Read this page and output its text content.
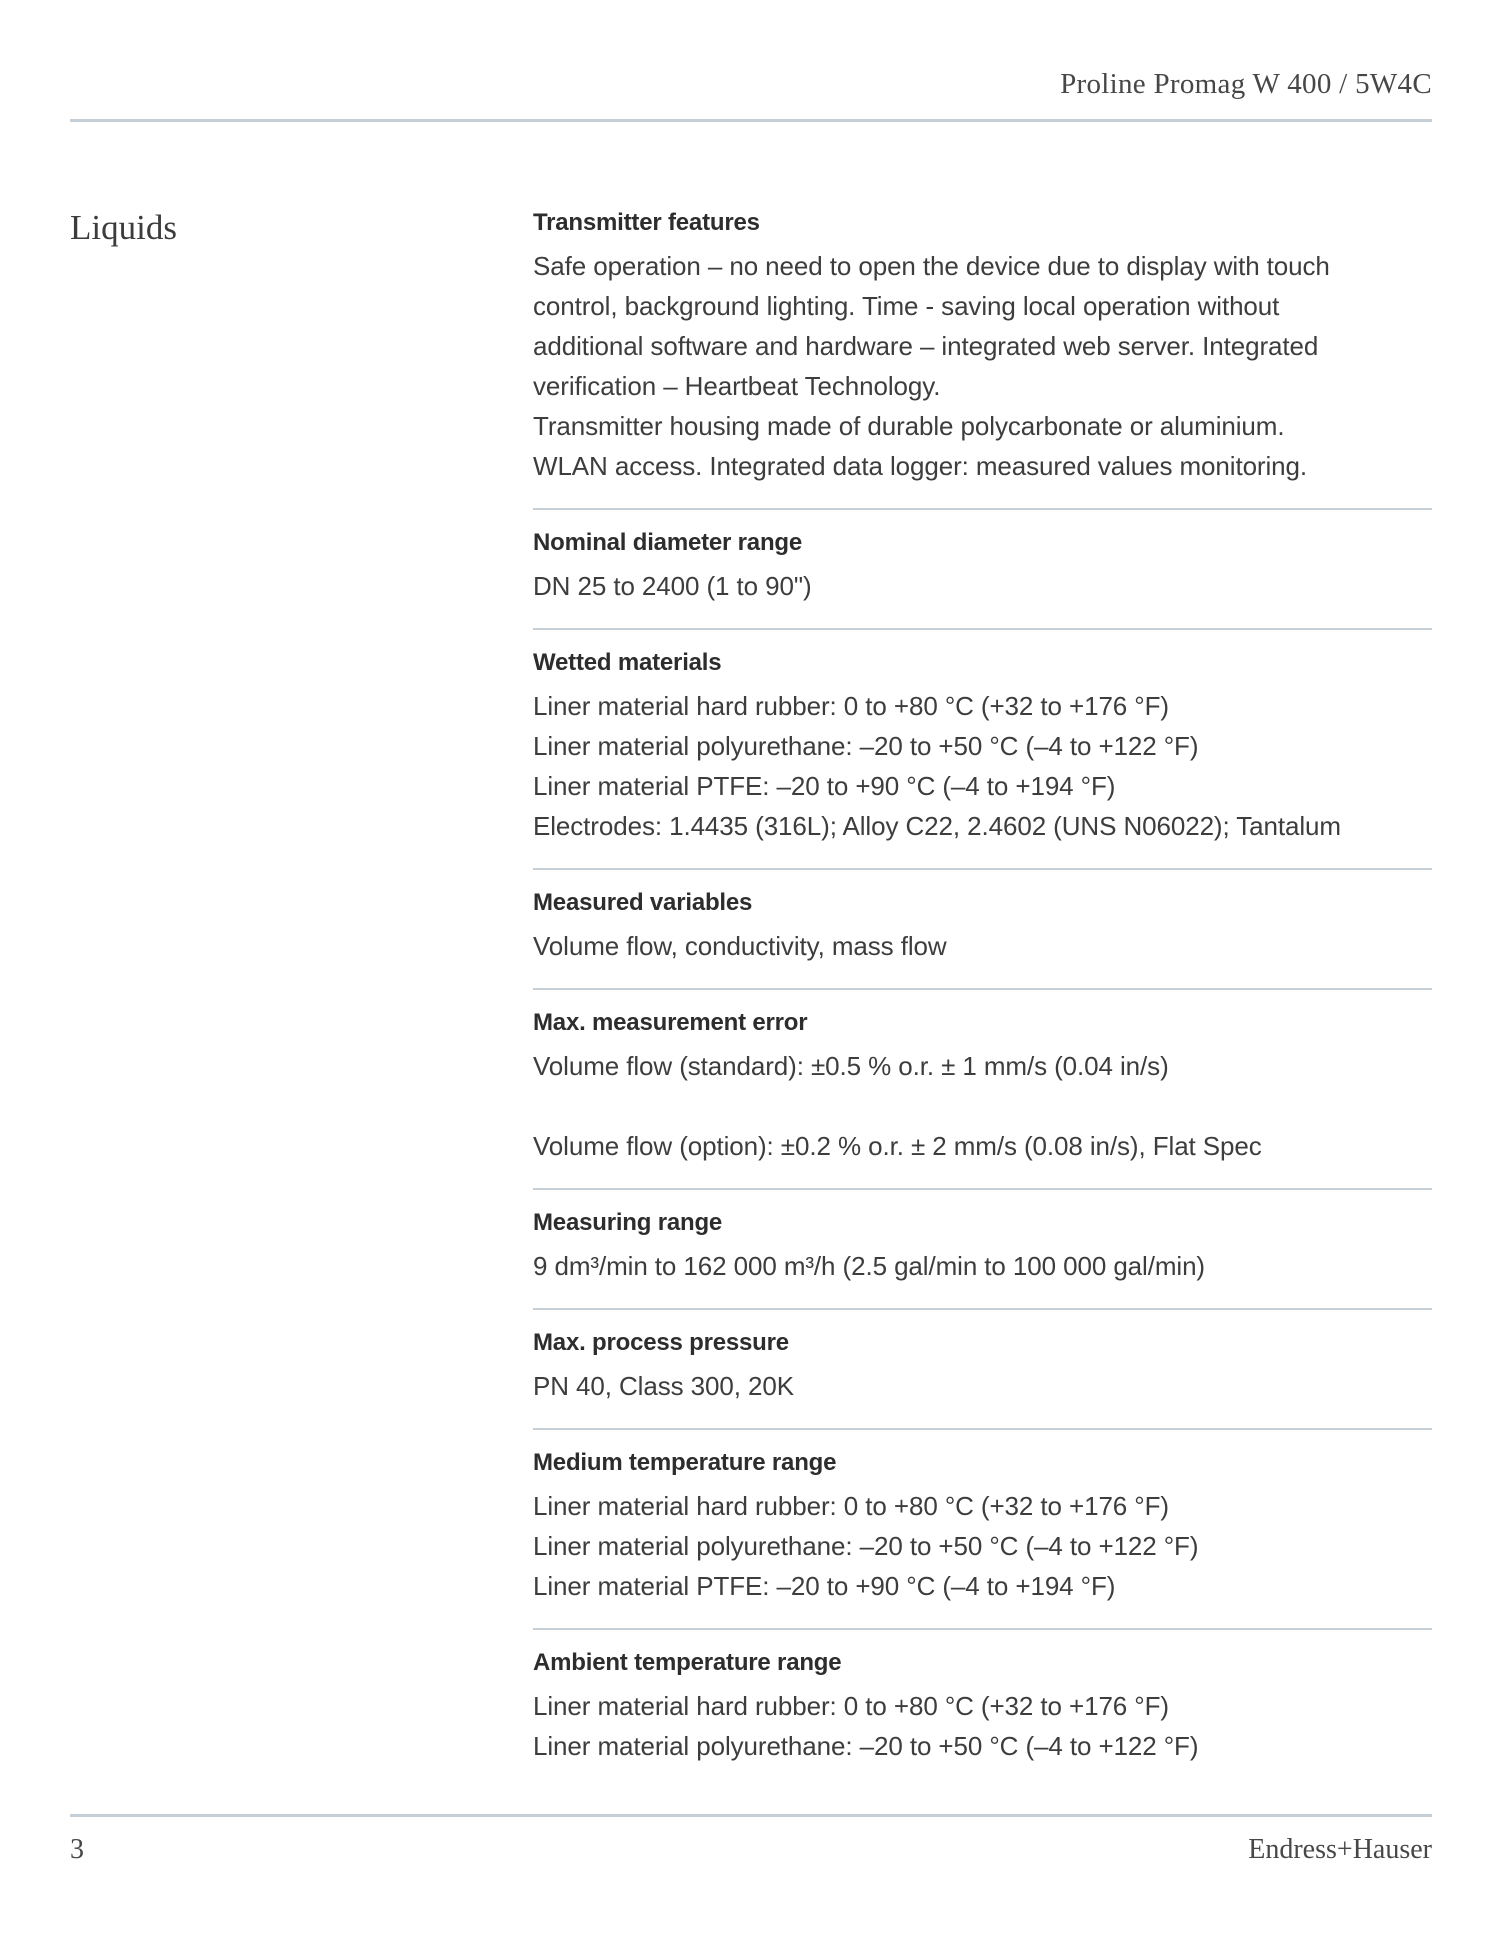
Proline Promag W 400 / 5W4C
Liquids	Transmitter features

Safe operation – no need to open the device due to display with touch

control, background lighting. Time - saving local operation without

additional software and hardware – integrated web server. Integrated

verification – Heartbeat Technology.

Transmitter housing made of durable polycarbonate or aluminium.

WLAN access. Integrated data logger: measured values monitoring.

Nominal diameter range

DN 25 to 2400 (1 to 90")

Wetted materials

Liner material hard rubber: 0 to +80 °C (+32 to +176 °F)

Liner material polyurethane: –20 to +50 °C (–4 to +122 °F)

Liner material PTFE: –20 to +90 °C (–4 to +194 °F)

Electrodes: 1.4435 (316L); Alloy C22, 2.4602 (UNS N06022); Tantalum

Measured variables

Volume flow, conductivity, mass flow

Max. measurement error

Volume flow (standard): ±0.5 % o.r. ± 1 mm/s (0.04 in/s)

Volume flow (option): ±0.2 % o.r. ± 2 mm/s (0.08 in/s), Flat Spec

Measuring range

9 dm³/min to 162 000 m³/h (2.5 gal/min to 100 000 gal/min)

Max. process pressure

PN 40, Class 300, 20K

Medium temperature range

Liner material hard rubber: 0 to +80 °C (+32 to +176 °F)

Liner material polyurethane: –20 to +50 °C (–4 to +122 °F)

Liner material PTFE: –20 to +90 °C (–4 to +194 °F)

Ambient temperature range

Liner material hard rubber: 0 to +80 °C (+32 to +176 °F)

Liner material polyurethane: –20 to +50 °C (–4 to +122 °F)

3	Endress+Hauser
